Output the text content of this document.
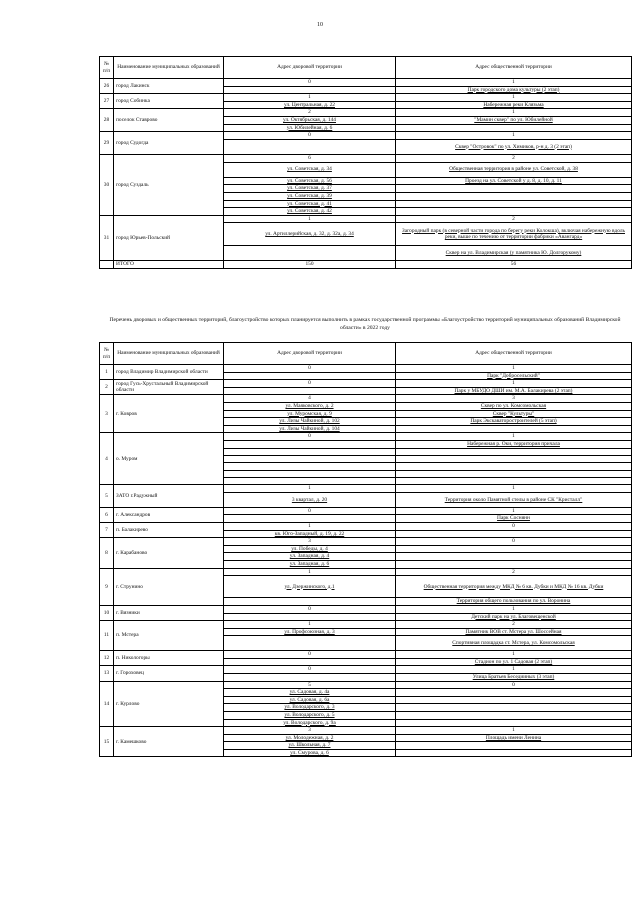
10
№ п/п	Наименование муниципальных образований	Адрес дворовой территории	Адрес общественной территории
26	город Лакинск	0	1
			Парк городского дома культуры (2 этап)
27	город Собинка	1	1
		ул. Центральная, д. 22	Набережная реки Клязьма
28	поселок Ставрово	2	1
		ул. Октябрьская, д. 144	"Мамин сквер" по ул. Юбилейной
		ул. Юбилейная, д. 6	
29	город Судогда	0	1
			Сквер "Островок" по ул. Химиков, р-н д. 3 (2 этап)
30	город Суздаль	6	2
		ул. Советская, д. 34	Общественная территория в районе ул. Советской, д. 38
		ул. Советская, д. 56	Проезд на ул. Советской у д. 8, д. 10, д. 11
		ул. Советская, д. 37	
		ул. Советская, д. 39	
		ул. Советская, д. 41	
		ул. Советская, д. 42	
31	город Юрьев-Польский	1	2
		ул. Артиллерийская, д. 32, д. 32а, д. 34	Загородный парк (в северной части города по берегу реки Колокша), включая набережную вдоль реки, выше по течению от территории фабрики «Авангард»
			Сквер на ул. Владимирская (у памятника Ю. Долгорукому)
	ИТОГО	150	56
Перечень дворовых и общественных территорий, благоустройство которых планируется выполнить в рамках государственной программы «Благоустройство территорий муниципальных образований Владимирской области» в 2022 году
№ п/п	Наименование муниципальных образований	Адрес дворовой территории	Адрес общественной территории
1	город Владимир Владимирской области	0	1
			Парк "Добросельский"
2	город Гусь-Хрустальный Владимирской области	0	1
			Парк у МБУДО ДШИ им. М.А. Балакирева (2 этап)
3	г. Ковров	4	3
		ул. Маяковского, д. 2	Сквер по ул. Комсомольская
		ул. Муромская, д. 9	Сквер "Культуры"
		ул. Лизы Чайкиной, д. 102	Парк Экскаваторостроителей (5 этап)
		ул. Лизы Чайкиной, д. 104	
4	о. Муром	0	1
			Набережная р. Оки, территория причала

5	ЗАТО г.Радужный	1	1
		3 квартал, д. 20	Территория около Памятной стелы в районе СК "Кристалл"
6	г. Александров	0	1
			Парк Соснянн
7	п. Балакирево	1	0
		кв. Юго-Западный, д. 19, д. 22	
8	г. Карабаново	3	0
		ул. Победы, д. 4	
		ул. Западная, д. 4	
		ул. Западная, д. 6	
9	г. Струнино	1	2
		ул. Дзержинского, д.1	Общественная территория между МКД № 6 кв. Дубки и МКД № 16 кв. Дубки
			Территория общего пользования по ул. Воронина
10	г. Вязники	0	1
			Детский парк на ул. Благовещенской
11	п. Мстера	1	2
		ул. Профсоюзная, д. 3	Памятник ВОВ ст. Мстера ул. Шоссейная
			Спортивная площадка ст. Мстера, ул. Комсомольская
12	п. Никологоры	0	1
			Стадион по ул. 1 Садовая (2 этап)
13	г. Гороховец	0	1
			Улица Братьев Беседииных (3 этап)
14	г. Курлово	5	0
		ул. Садовая, д. 4а	
		ул. Садовая, д. 6а	
		ул. Володарского, д. 3	
		ул. Володарского, д. 5	
		ул. Володарского, д. 9а	
15	г. Камешково	3	1
		ул. Молодежная, д. 2	Площадь имени Ленина
		ул. Школьная, д. 7	
		ул. Смурова, д. 6	
